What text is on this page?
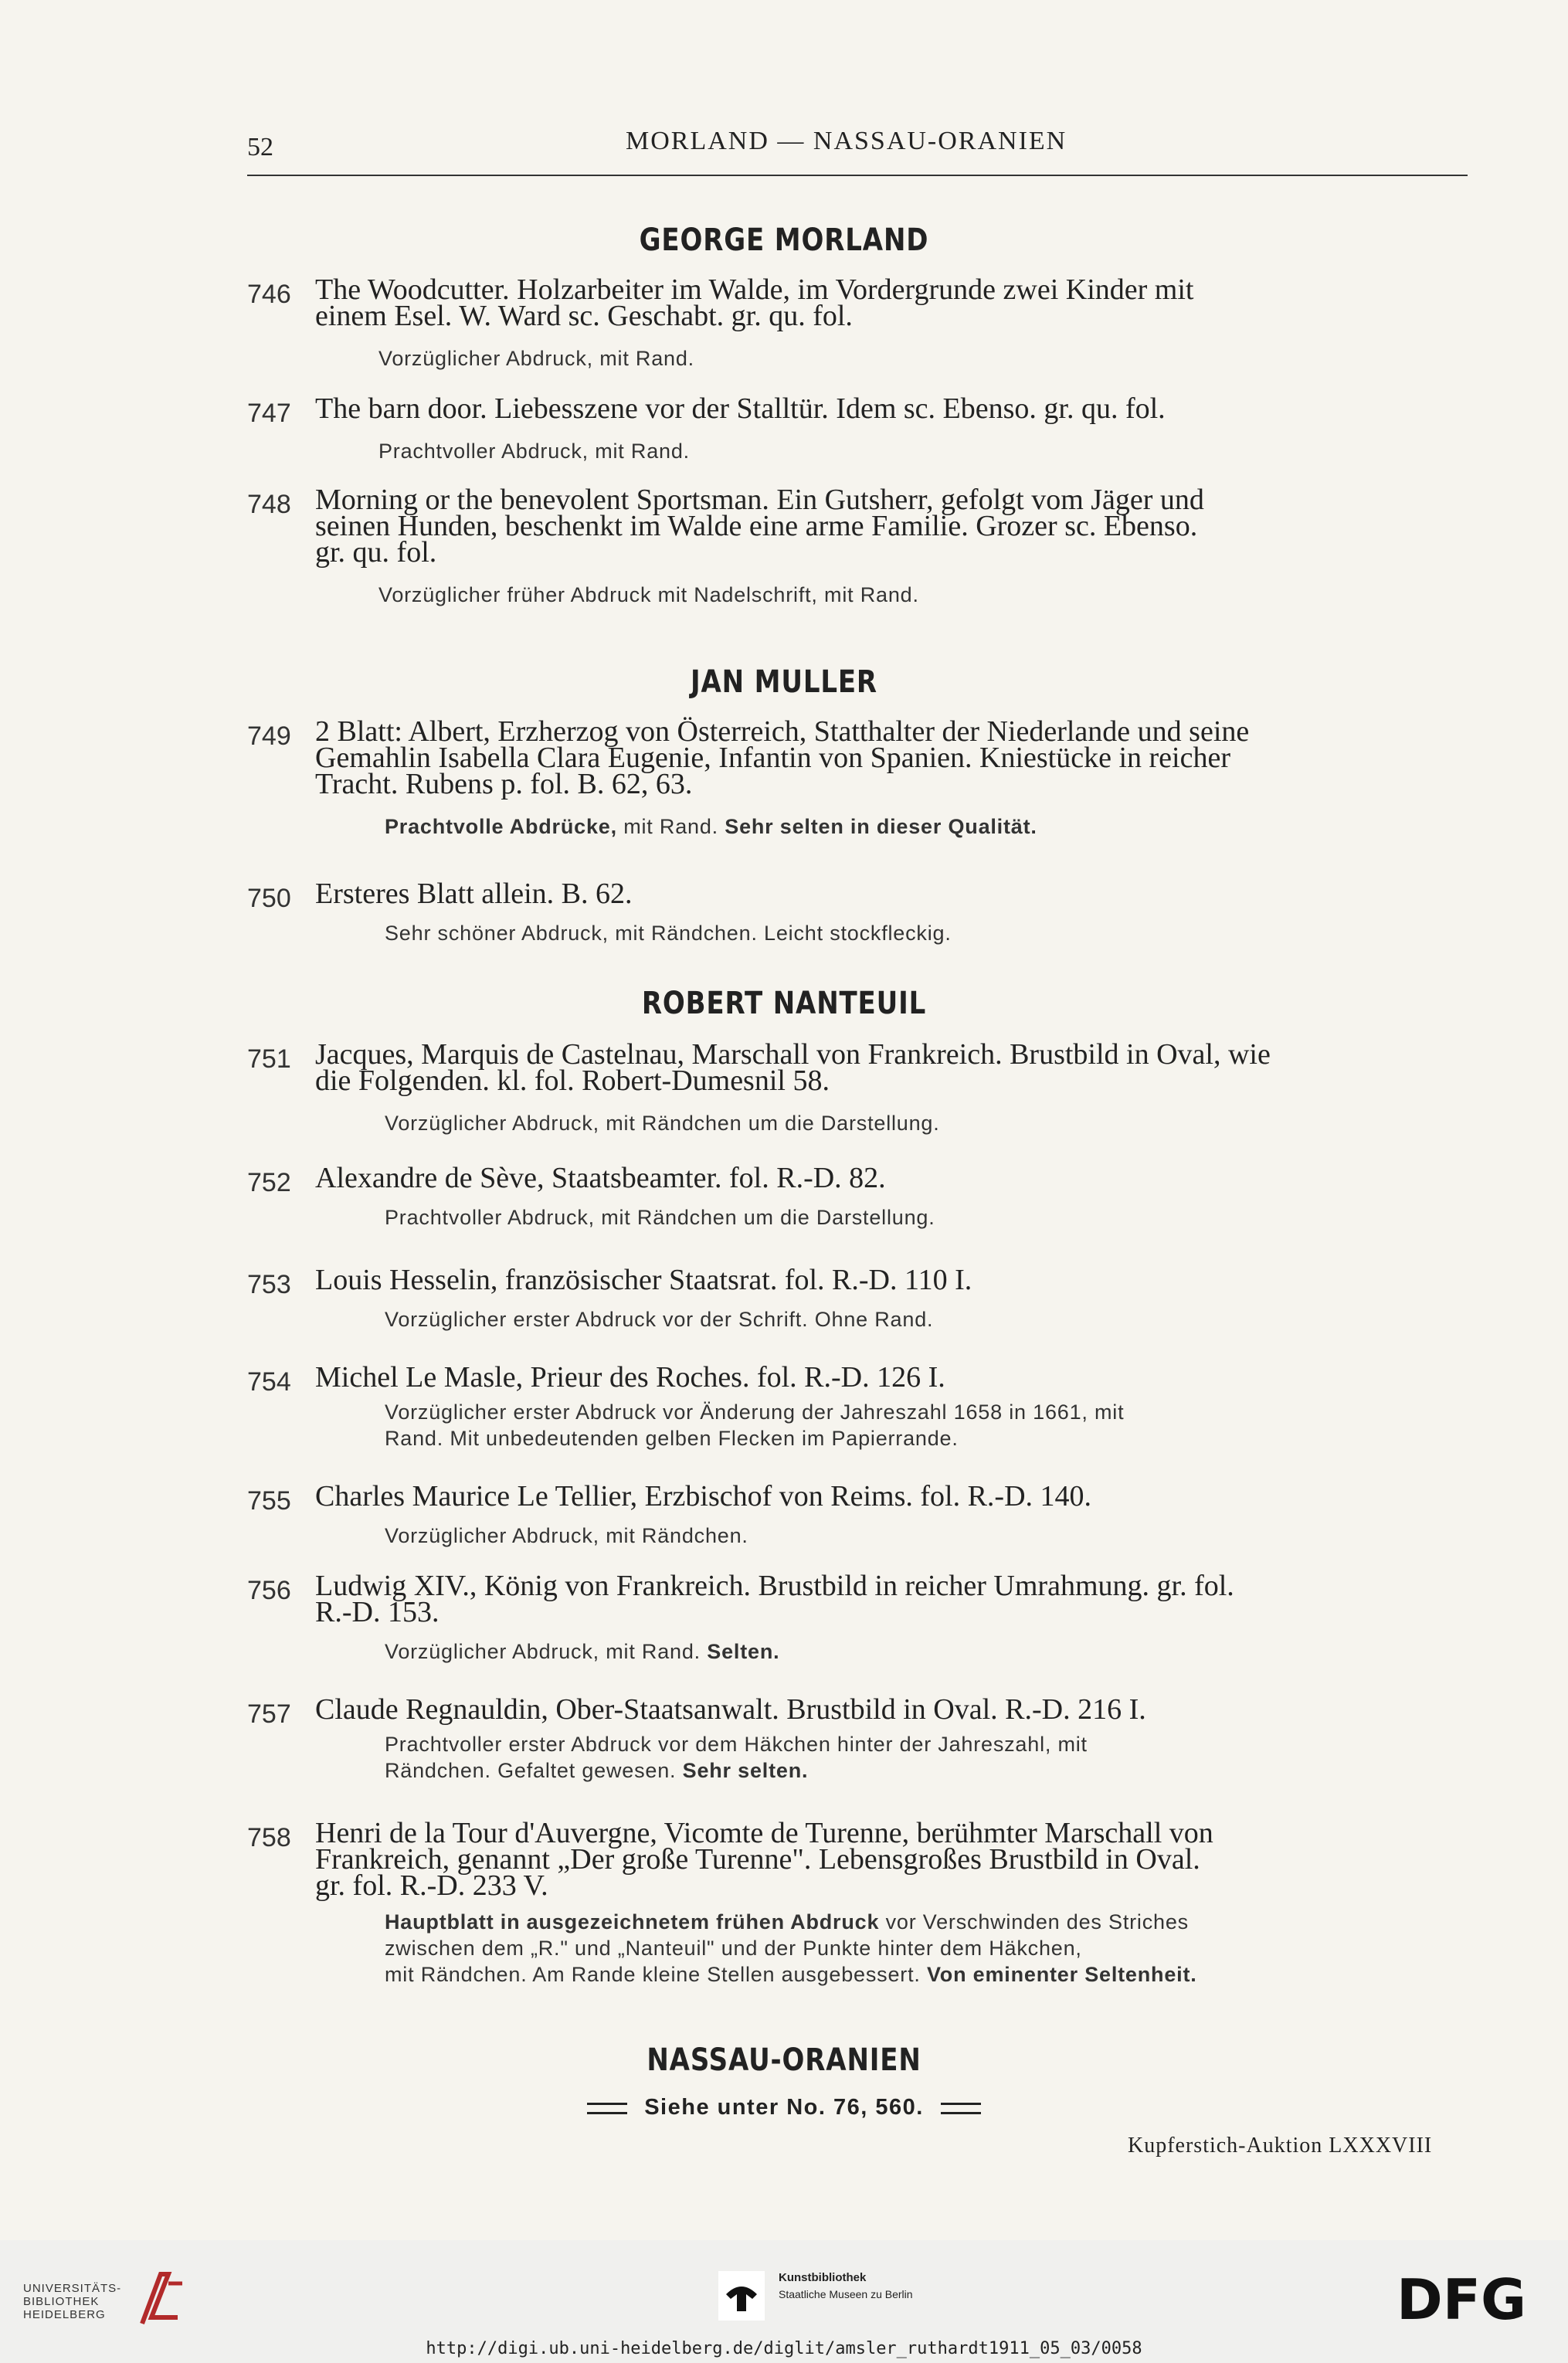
52	MORLAND — NASSAU-ORANIEN
GEORGE MORLAND
746 The Woodcutter. Holzarbeiter im Walde, im Vordergrunde zwei Kinder mit
einem Esel. W. Ward sc. Geschabt. gr. qu. fol.
Vorzüglicher Abdruck, mit Rand.
747 The barn door. Liebesszene vor der Stalltür. Idem sc. Ebenso. gr. qu. fol.
Prachtvoller Abdruck, mit Rand.
748 Morning or the benevolent Sportsman. Ein Gutsherr, gefolgt vom Jäger und
seinen Hunden, beschenkt im Walde eine arme Familie. Grozer sc. Ebenso.
gr. qu. fol.
Vorzüglicher früher Abdruck mit Nadelschrift, mit Rand.
JAN MULLER
749 2 Blatt: Albert, Erzherzog von Österreich, Statthalter der Niederlande und seine
Gemahlin Isabella Clara Eugenie, Infantin von Spanien. Kniestücke in reicher
Tracht. Rubens p. fol. B. 62, 63.
Prachtvolle Abdrücke, mit Rand. Sehr selten in dieser Qualität.
750 Ersteres Blatt allein. B. 62.
Sehr schöner Abdruck, mit Rändchen. Leicht stockfleckig.
ROBERT NANTEUIL
751 Jacques, Marquis de Castelnau, Marschall von Frankreich. Brustbild in Oval, wie
die Folgenden. kl. fol. Robert-Dumesnil 58.
Vorzüglicher Abdruck, mit Rändchen um die Darstellung.
752 Alexandre de Sève, Staatsbeamter. fol. R.-D. 82.
Prachtvoller Abdruck, mit Rändchen um die Darstellung.
753 Louis Hesselin, französischer Staatsrat. fol. R.-D. 110 I.
Vorzüglicher erster Abdruck vor der Schrift. Ohne Rand.
754 Michel Le Masle, Prieur des Roches. fol. R.-D. 126 I.
Vorzüglicher erster Abdruck vor Änderung der Jahreszahl 1658 in 1661, mit
Rand. Mit unbedeutenden gelben Flecken im Papierrande.
755 Charles Maurice Le Tellier, Erzbischof von Reims. fol. R.-D. 140.
Vorzüglicher Abdruck, mit Rändchen.
756 Ludwig XIV., König von Frankreich. Brustbild in reicher Umrahmung. gr. fol.
R.-D. 153.
Vorzüglicher Abdruck, mit Rand. Selten.
757 Claude Regnauldin, Ober-Staatsanwalt. Brustbild in Oval. R.-D. 216 I.
Prachtvoller erster Abdruck vor dem Häkchen hinter der Jahreszahl, mit
Rändchen. Gefaltet gewesen. Sehr selten.
758 Henri de la Tour d'Auvergne, Vicomte de Turenne, berühmter Marschall von
Frankreich, genannt „Der große Turenne". Lebensgroßes Brustbild in Oval.
gr. fol. R.-D. 233 V.
Hauptblatt in ausgezeichnetem frühen Abdruck vor Verschwinden des Striches
zwischen dem „R." und „Nanteuil" und der Punkte hinter dem Häkchen,
mit Rändchen. Am Rande kleine Stellen ausgebessert. Von eminenter Seltenheit.
NASSAU-ORANIEN
Siehe unter No. 76, 560.
Kupferstich-Auktion LXXXVIII
UNIVERSITÄTS-
BIBLIOTHEK
HEIDELBERG
Kunstbibliothek
Staatliche Museen zu Berlin	DFG
http://digi.ub.uni-heidelberg.de/diglit/amsler_ruthardt1911_05_03/0058
